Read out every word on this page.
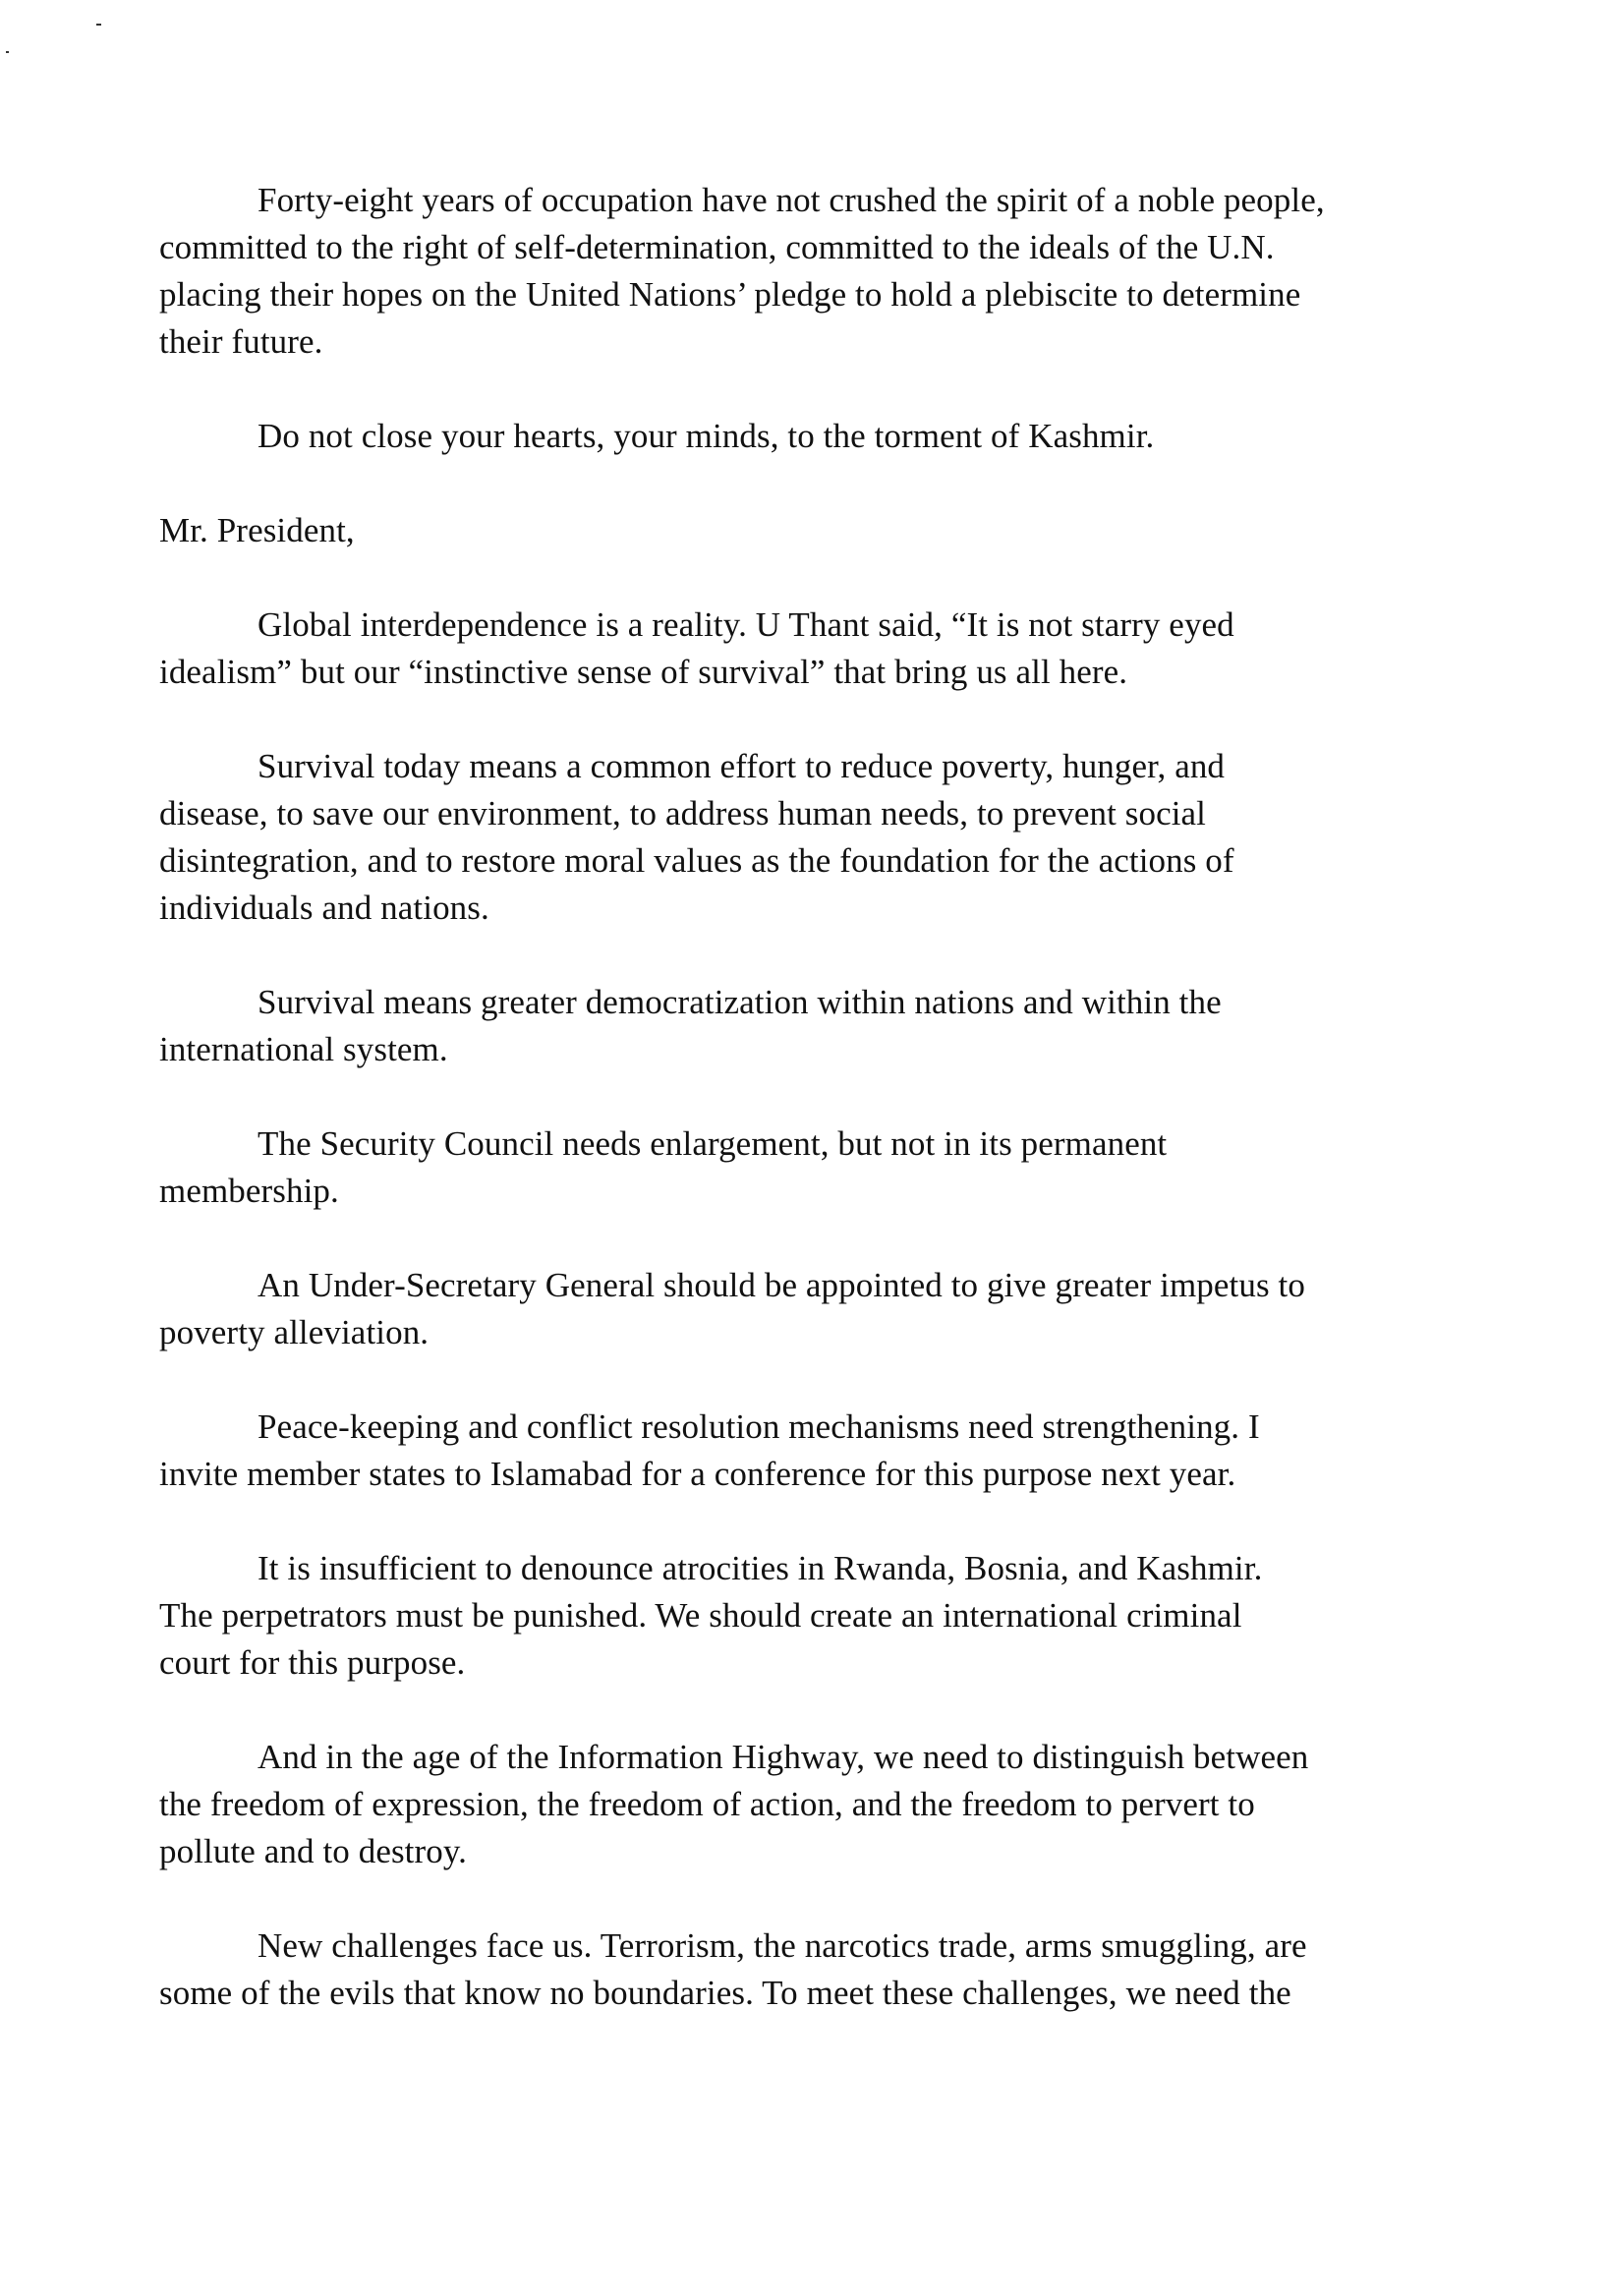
Forty-eight years of occupation have not crushed the spirit of a noble people,
committed to the right of self-determination, committed to the ideals of the U.N.
placing their hopes on the United Nations’ pledge to hold a plebiscite to determine
their future.

Do not close your hearts, your minds, to the torment of Kashmir.

Mr. President,

Global interdependence is a reality. U Thant said, “It is not starry eyed
idealism” but our “instinctive sense of survival” that bring us all here.

Survival today means a common effort to reduce poverty, hunger, and
disease, to save our environment, to address human needs, to prevent social
disintegration, and to restore moral values as the foundation for the actions of
individuals and nations.

Survival means greater democratization within nations and within the
international system.

The Security Council needs enlargement, but not in its permanent
membership.

An Under-Secretary General should be appointed to give greater impetus to
poverty alleviation.

Peace-keeping and conflict resolution mechanisms need strengthening. I
invite member states to Islamabad for a conference for this purpose next year.

It is insufficient to denounce atrocities in Rwanda, Bosnia, and Kashmir.
The perpetrators must be punished. We should create an international criminal
court for this purpose.

And in the age of the Information Highway, we need to distinguish between
the freedom of expression, the freedom of action, and the freedom to pervert to
pollute and to destroy.

New challenges face us. Terrorism, the narcotics trade, arms smuggling, are
some of the evils that know no boundaries. To meet these challenges, we need the
